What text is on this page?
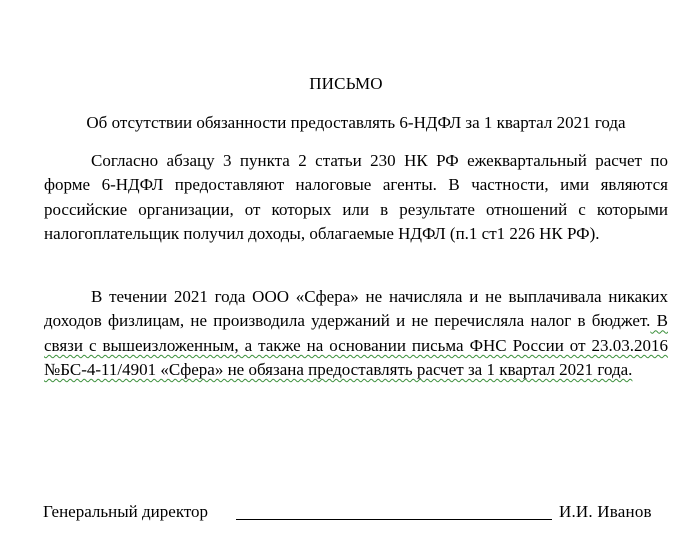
ПИСЬМО
Об отсутствии обязанности предоставлять 6-НДФЛ за 1 квартал 2021 года

Согласно абзацу 3 пункта 2 статьи 230 НК РФ ежеквартальный расчет по форме 6-НДФЛ предоставляют налоговые агенты. В частности, ими являются российские организации, от которых или в результате отношений с которыми налогоплательщик получил доходы, облагаемые НДФЛ (п.1 ст1 226 НК РФ).

В течении 2021 года ООО «Сфера» не начисляла и не выплачивала никаких доходов физлицам, не производила удержаний и не перечисляла налог в бюджет. В связи с вышеизложенным, а также на основании письма ФНС России от 23.03.2016 №БС-4-11/4901 «Сфера» не обязана предоставлять расчет за 1 квартал 2021 года.

Генеральный директор	И.И. Иванов
